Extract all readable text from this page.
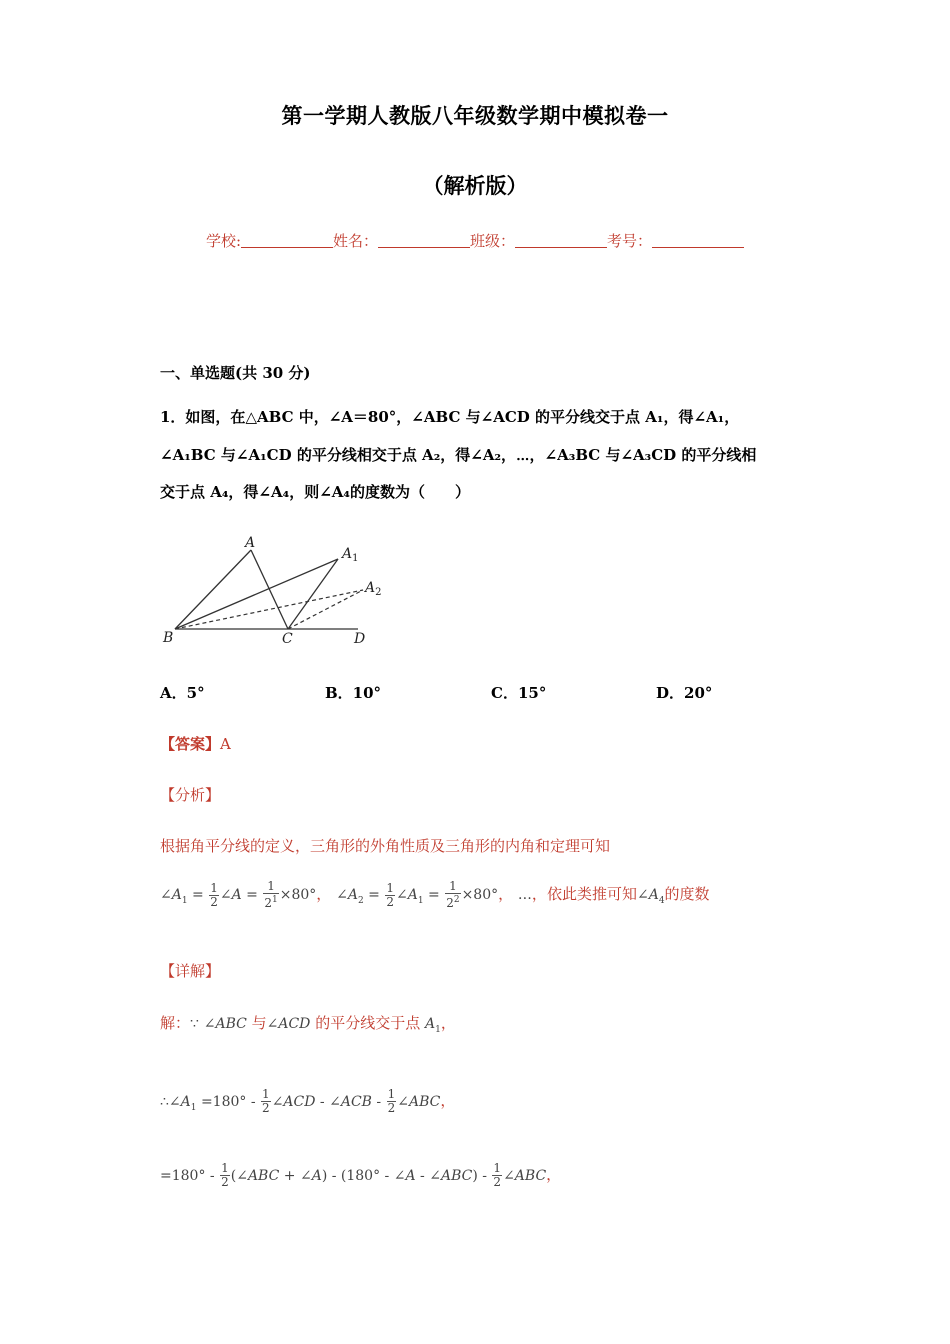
第一学期人教版八年级数学期中模拟卷一
（解析版）
学校:	姓名：	班级：	考号：
一、单选题(共 30 分)
1．如图，在△ABC 中，∠A＝80°，∠ABC 与∠ACD 的平分线交于点 A₁，得∠A₁，
∠A₁BC 与∠A₁CD 的平分线相交于点 A₂，得∠A₂，⋯，∠A₃BC 与∠A₃CD 的平分线相
交于点 A₄，得∠A₄，则∠A₄的度数为（　　）
A
$A_1$
$A_2$
B	C	D
A．5°	B．10°	C．15°	D．20°
【答案】A
【分析】
根据角平分线的定义，三角形的外角性质及三角形的内角和定理可知
$\angle A_1 = \frac{1}{2}$ ∠A = $\frac{1}{2^1} \times 80^\circ$， $\angle A_2 = \frac{1}{2}$ $\angle A_1 = \frac{1}{2^2} \times 80^\circ$， …，依此类推可知$\angle A_4$的度数
【详解】
解：∵ ∠ABC 与∠ACD 的平分线交于点 $A_1$，
$\therefore\angle A_1 =180^\circ - \frac{1}{2}$ ∠ACD - ∠ACB - $\frac{1}{2}$ ∠ABC，
$=180^\circ - \frac{1}{2}$ (∠ABC + ∠A) - (180° - ∠A - ∠ABC) - $\frac{1}{2}$ ∠ABC，
